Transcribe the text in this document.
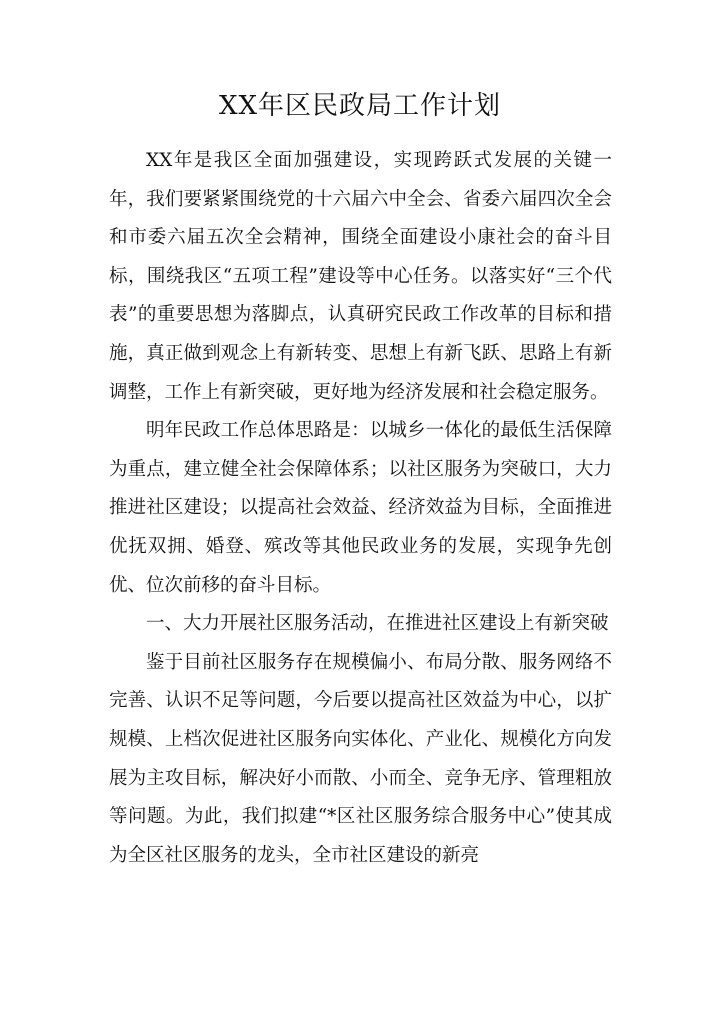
XX年区民政局工作计划

XX年是我区全面加强建设，实现跨跃式发展的关键一年，我们要紧紧围绕党的十六届六中全会、省委六届四次全会和市委六届五次全会精神，围绕全面建设小康社会的奋斗目标，围绕我区“五项工程”建设等中心任务。以落实好“三个代表”的重要思想为落脚点，认真研究民政工作改革的目标和措施，真正做到观念上有新转变、思想上有新飞跃、思路上有新调整，工作上有新突破，更好地为经济发展和社会稳定服务。

明年民政工作总体思路是：以城乡一体化的最低生活保障为重点，建立健全社会保障体系；以社区服务为突破口，大力推进社区建设；以提高社会效益、经济效益为目标，全面推进优抚双拥、婚登、殡改等其他民政业务的发展，实现争先创优、位次前移的奋斗目标。

一、大力开展社区服务活动，在推进社区建设上有新突破

鉴于目前社区服务存在规模偏小、布局分散、服务网络不完善、认识不足等问题，今后要以提高社区效益为中心，以扩规模、上档次促进社区服务向实体化、产业化、规模化方向发展为主攻目标，解决好小而散、小而全、竞争无序、管理粗放等问题。为此，我们拟建“*区社区服务综合服务中心”使其成为全区社区服务的龙头，全市社区建设的新亮
